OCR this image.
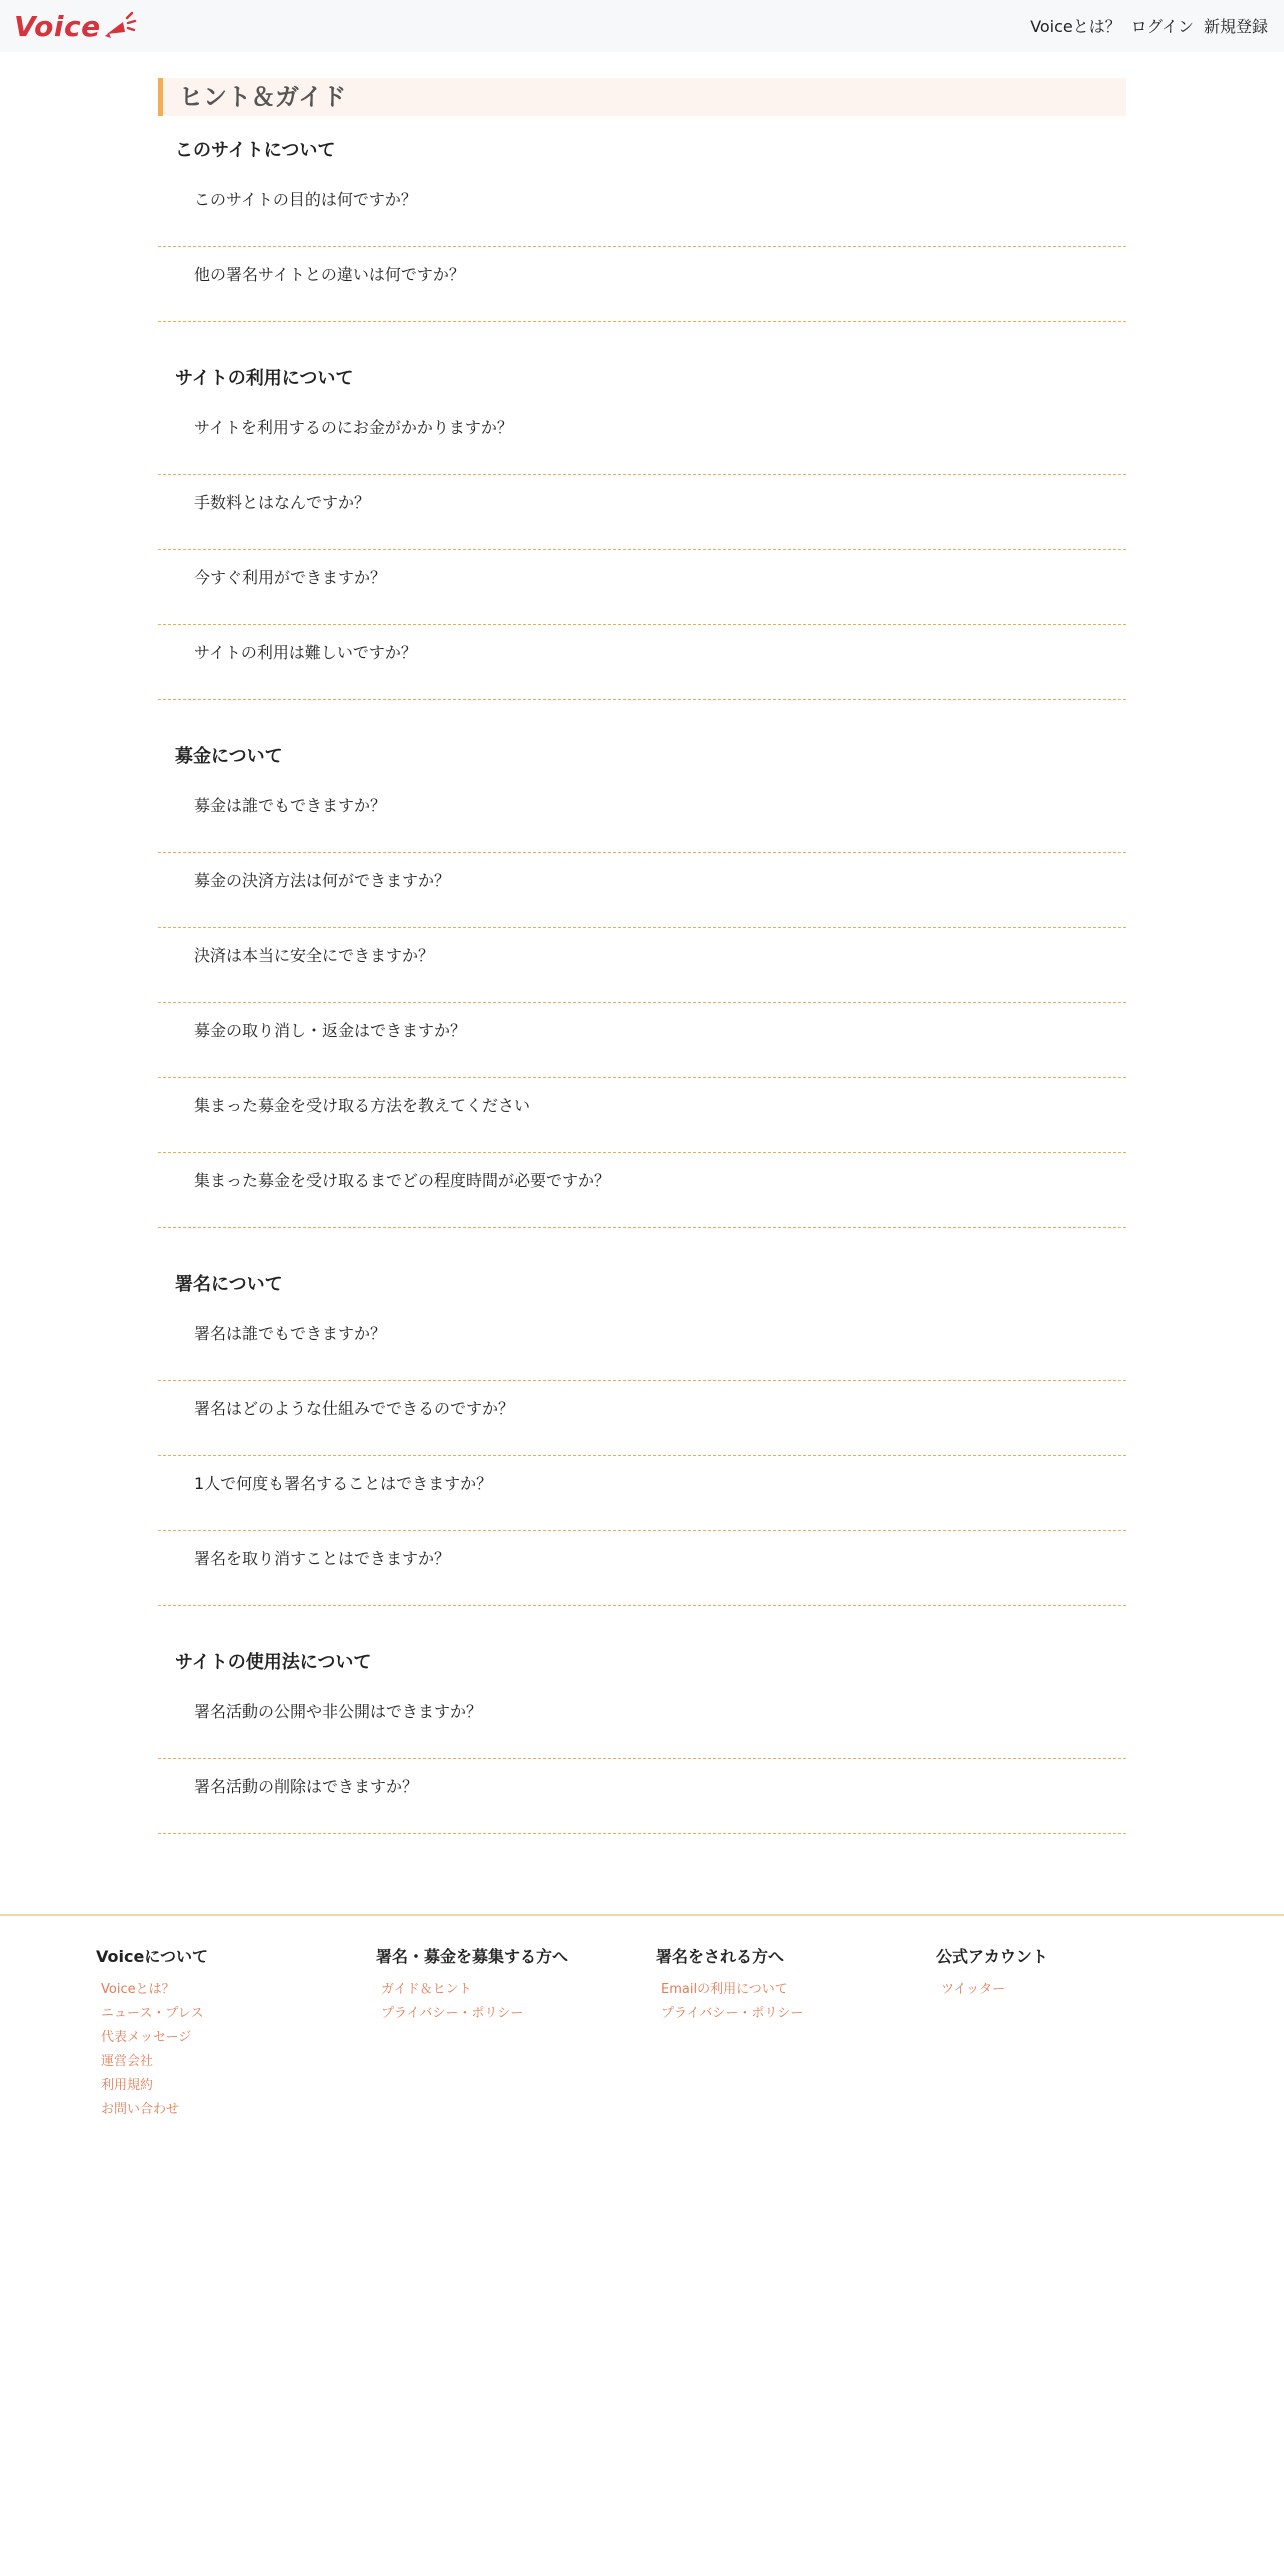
Voice	Voiceとは？ ログイン 新規登録
ヒント＆ガイド
このサイトについて
このサイトの目的は何ですか？
他の署名サイトとの違いは何ですか？
サイトの利用について
サイトを利用するのにお金がかかりますか？
手数料とはなんですか？
今すぐ利用ができますか？
サイトの利用は難しいですか？
募金について
募金は誰でもできますか？
募金の決済方法は何ができますか？
決済は本当に安全にできますか？
募金の取り消し・返金はできますか？
集まった募金を受け取る方法を教えてください
集まった募金を受け取るまでどの程度時間が必要ですか？
署名について
署名は誰でもできますか？
署名はどのような仕組みでできるのですか？
1人で何度も署名することはできますか？
署名を取り消すことはできますか？
サイトの使用法について
署名活動の公開や非公開はできますか？
署名活動の削除はできますか？
Voiceについて
Voiceとは？
ニュース・プレス
代表メッセージ
運営会社
利用規約
お問い合わせ
署名・募金を募集する方へ
ガイド＆ヒント
プライバシー・ポリシー
署名をされる方へ
Emailの利用について
プライバシー・ポリシー
公式アカウント
ツイッター
